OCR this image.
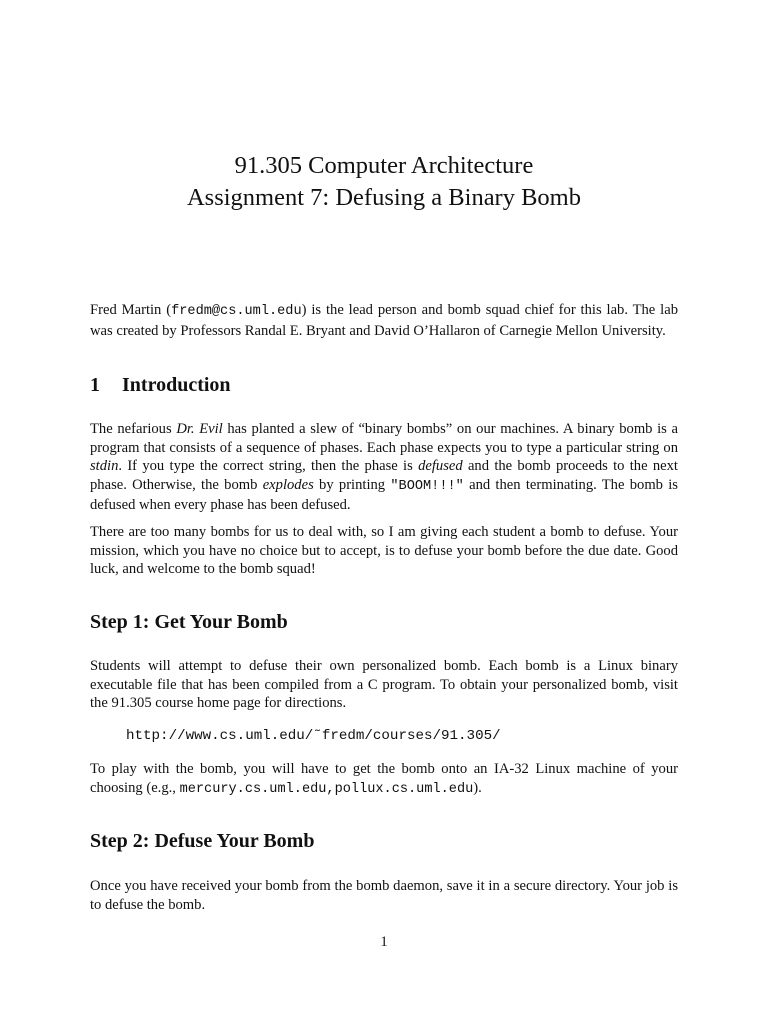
91.305 Computer Architecture
Assignment 7: Defusing a Binary Bomb

Fred Martin (fredm@cs.uml.edu) is the lead person and bomb squad chief for this lab. The lab was created by Professors Randal E. Bryant and David O’Hallaron of Carnegie Mellon University.

1 Introduction

The nefarious Dr. Evil has planted a slew of “binary bombs” on our machines. A binary bomb is a program that consists of a sequence of phases. Each phase expects you to type a particular string on stdin. If you type the correct string, then the phase is defused and the bomb proceeds to the next phase. Otherwise, the bomb explodes by printing "BOOM!!!" and then terminating. The bomb is defused when every phase has been defused.

There are too many bombs for us to deal with, so I am giving each student a bomb to defuse. Your mission, which you have no choice but to accept, is to defuse your bomb before the due date. Good luck, and welcome to the bomb squad!

Step 1: Get Your Bomb

Students will attempt to defuse their own personalized bomb. Each bomb is a Linux binary executable file that has been compiled from a C program. To obtain your personalized bomb, visit the 91.305 course home page for directions.

http://www.cs.uml.edu/˜fredm/courses/91.305/

To play with the bomb, you will have to get the bomb onto an IA-32 Linux machine of your choosing (e.g., mercury.cs.uml.edu,pollux.cs.uml.edu).

Step 2: Defuse Your Bomb

Once you have received your bomb from the bomb daemon, save it in a secure directory. Your job is to defuse the bomb.

1
